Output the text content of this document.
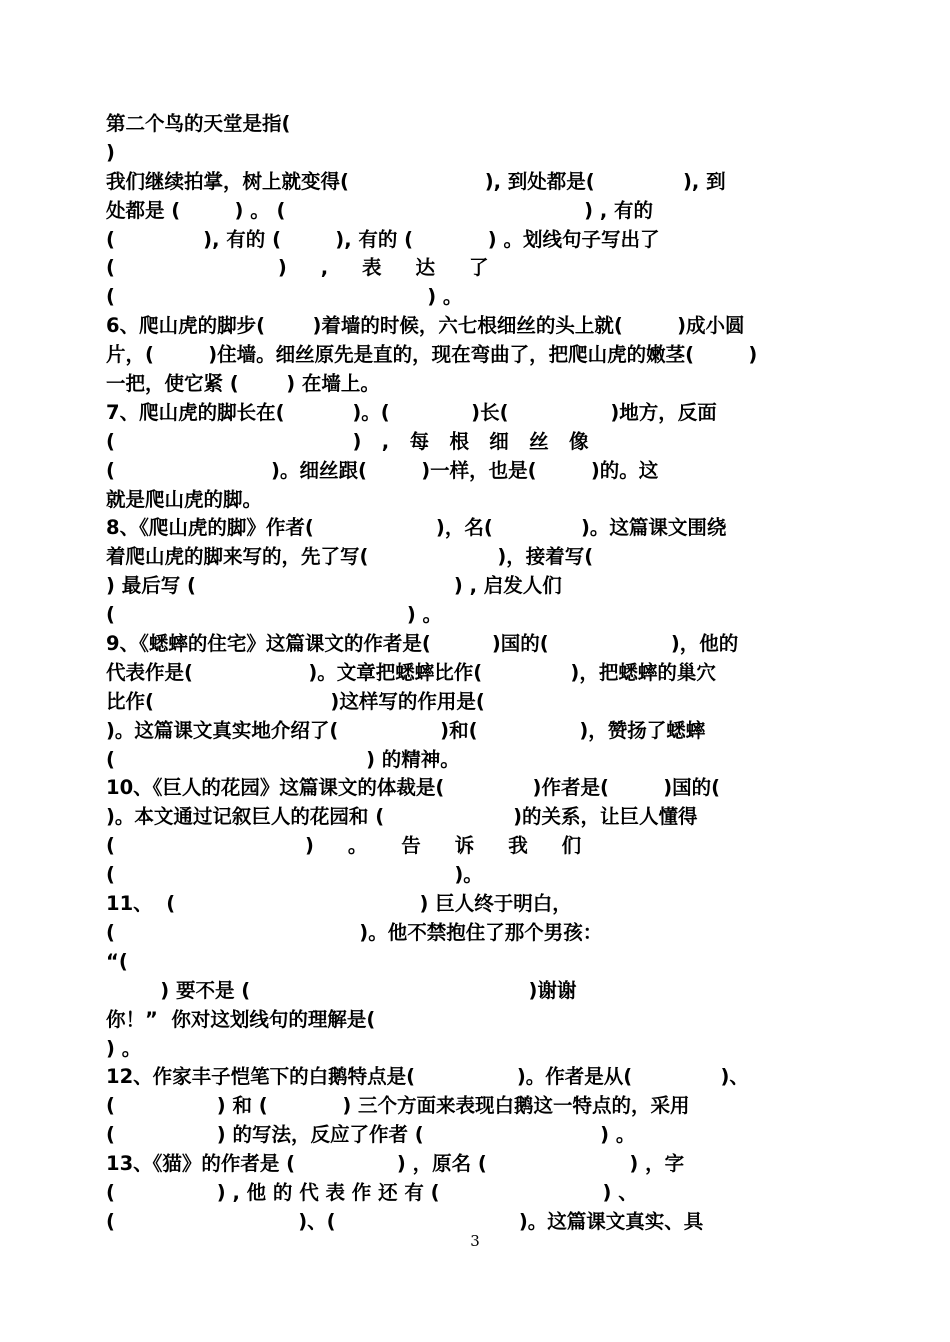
第二个鸟的天堂是指(
)
我们继续拍掌，树上就变得(                    ), 到处都是(             ), 到
处都是 (        ) 。 (                                            ) , 有的
(             ), 有的 (        ), 有的 (           ) 。划线句子写出了
(                        )     ,     表     达     了
(                                              ) 。
6、爬山虎的脚步(       )着墙的时候，六七根细丝的头上就(        )成小圆
片，(        )住墙。细丝原先是直的，现在弯曲了，把爬山虎的嫩茎(        )
一把，使它紧 (       ) 在墙上。
7、爬山虎的脚长在(          )。(            )长(               )地方，反面
(                                   )   ,   每   根   细   丝   像
(                       )。细丝跟(        )一样，也是(        )的。这
就是爬山虎的脚。
8、《爬山虎的脚》作者(                  )，名(             )。这篇课文围绕
着爬山虎的脚来写的，先了写(                   )，接着写(
) 最后写 (                                      ) , 启发人们
(                                           ) 。
9、《蟋蟀的住宅》这篇课文的作者是(         )国的(                  )，他的
代表作是(                 )。文章把蟋蟀比作(             )，把蟋蟀的巢穴
比作(                          )这样写的作用是(
)。这篇课文真实地介绍了(               )和(               )，赞扬了蟋蟀
(                                     ) 的精神。
10、《巨人的花园》这篇课文的体裁是(             )作者是(        )国的(
)。本文通过记叙巨人的花园和 (                   )的关系，让巨人懂得
(                            )     。     告     诉     我     们
(                                                  )。
11、  (                                    ) 巨人终于明白，
(                                    )。他不禁抱住了那个男孩：
“(
) 要不是 (                                         )谢谢
你！”  你对这划线句的理解是(
) 。
12、作家丰子恺笔下的白鹅特点是(               )。作者是从(             )、
(               ) 和 (           ) 三个方面来表现白鹅这一特点的，采用
(               ) 的写法，反应了作者 (                          ) 。
13、《猫》的作者是 (               ) ，原名 (                     ) ，字
(               ) , 他 的 代 表 作 还 有 (                        ) 、
(                           )、(                           )。这篇课文真实、具
3
